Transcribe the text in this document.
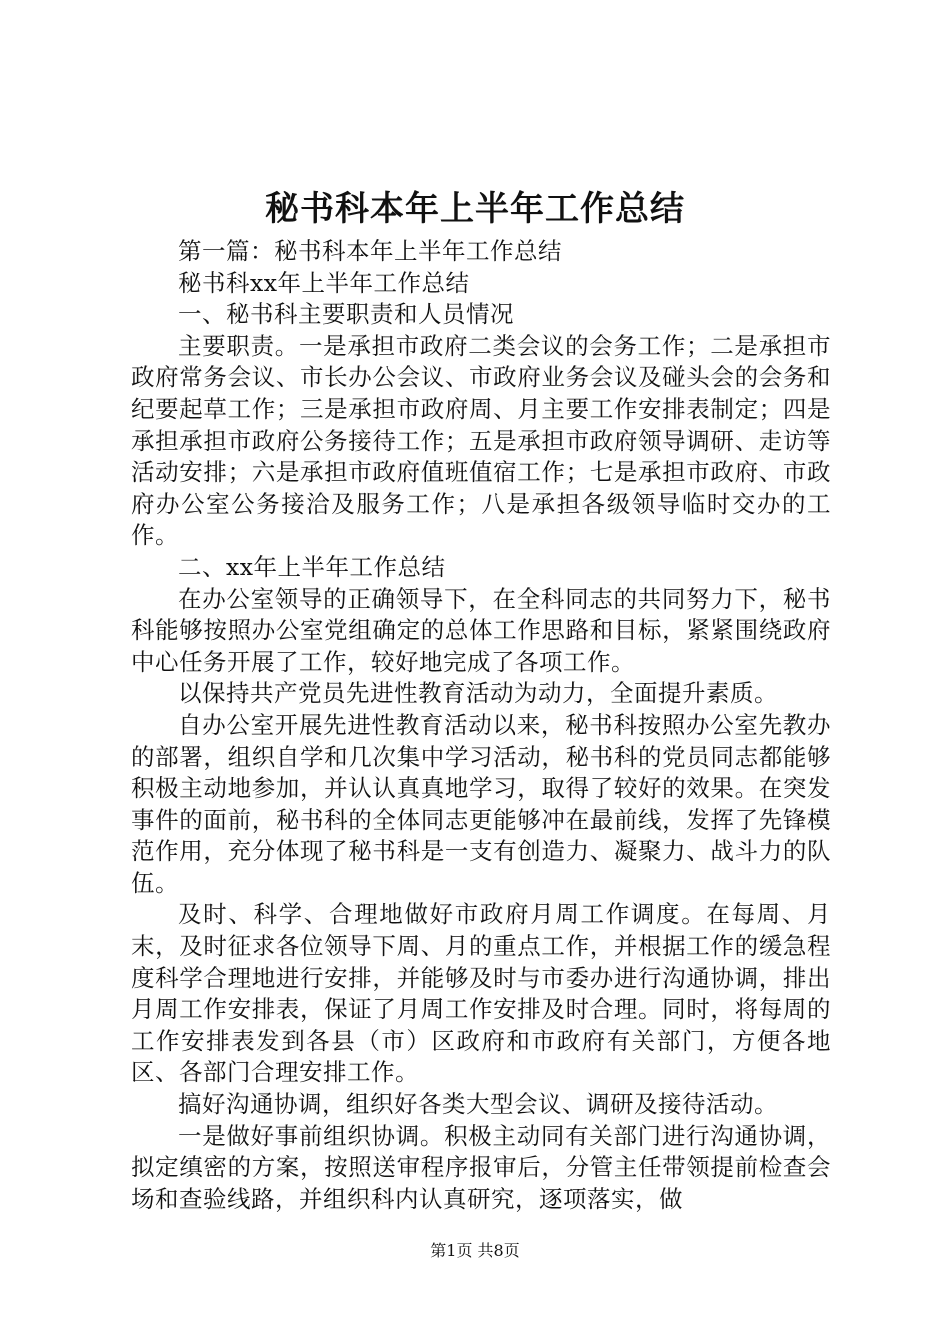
秘书科本年上半年工作总结

第一篇：秘书科本年上半年工作总结

秘书科xx年上半年工作总结

一、秘书科主要职责和人员情况

主要职责。一是承担市政府二类会议的会务工作；二是承担市政府常务会议、市长办公会议、市政府业务会议及碰头会的会务和纪要起草工作；三是承担市政府周、月主要工作安排表制定；四是承担承担市政府公务接待工作；五是承担市政府领导调研、走访等活动安排；六是承担市政府值班值宿工作；七是承担市政府、市政府办公室公务接洽及服务工作；八是承担各级领导临时交办的工作。

二、xx年上半年工作总结

在办公室领导的正确领导下，在全科同志的共同努力下，秘书科能够按照办公室党组确定的总体工作思路和目标，紧紧围绕政府中心任务开展了工作，较好地完成了各项工作。

以保持共产党员先进性教育活动为动力，全面提升素质。

自办公室开展先进性教育活动以来，秘书科按照办公室先教办的部署，组织自学和几次集中学习活动，秘书科的党员同志都能够积极主动地参加，并认认真真地学习，取得了较好的效果。在突发事件的面前，秘书科的全体同志更能够冲在最前线，发挥了先锋模范作用，充分体现了秘书科是一支有创造力、凝聚力、战斗力的队伍。

及时、科学、合理地做好市政府月周工作调度。在每周、月末，及时征求各位领导下周、月的重点工作，并根据工作的缓急程度科学合理地进行安排，并能够及时与市委办进行沟通协调，排出月周工作安排表，保证了月周工作安排及时合理。同时，将每周的工作安排表发到各县（市）区政府和市政府有关部门，方便各地区、各部门合理安排工作。

搞好沟通协调，组织好各类大型会议、调研及接待活动。

一是做好事前组织协调。积极主动同有关部门进行沟通协调，拟定缜密的方案，按照送审程序报审后，分管主任带领提前检查会场和查验线路，并组织科内认真研究，逐项落实，做

第1页 共8页
